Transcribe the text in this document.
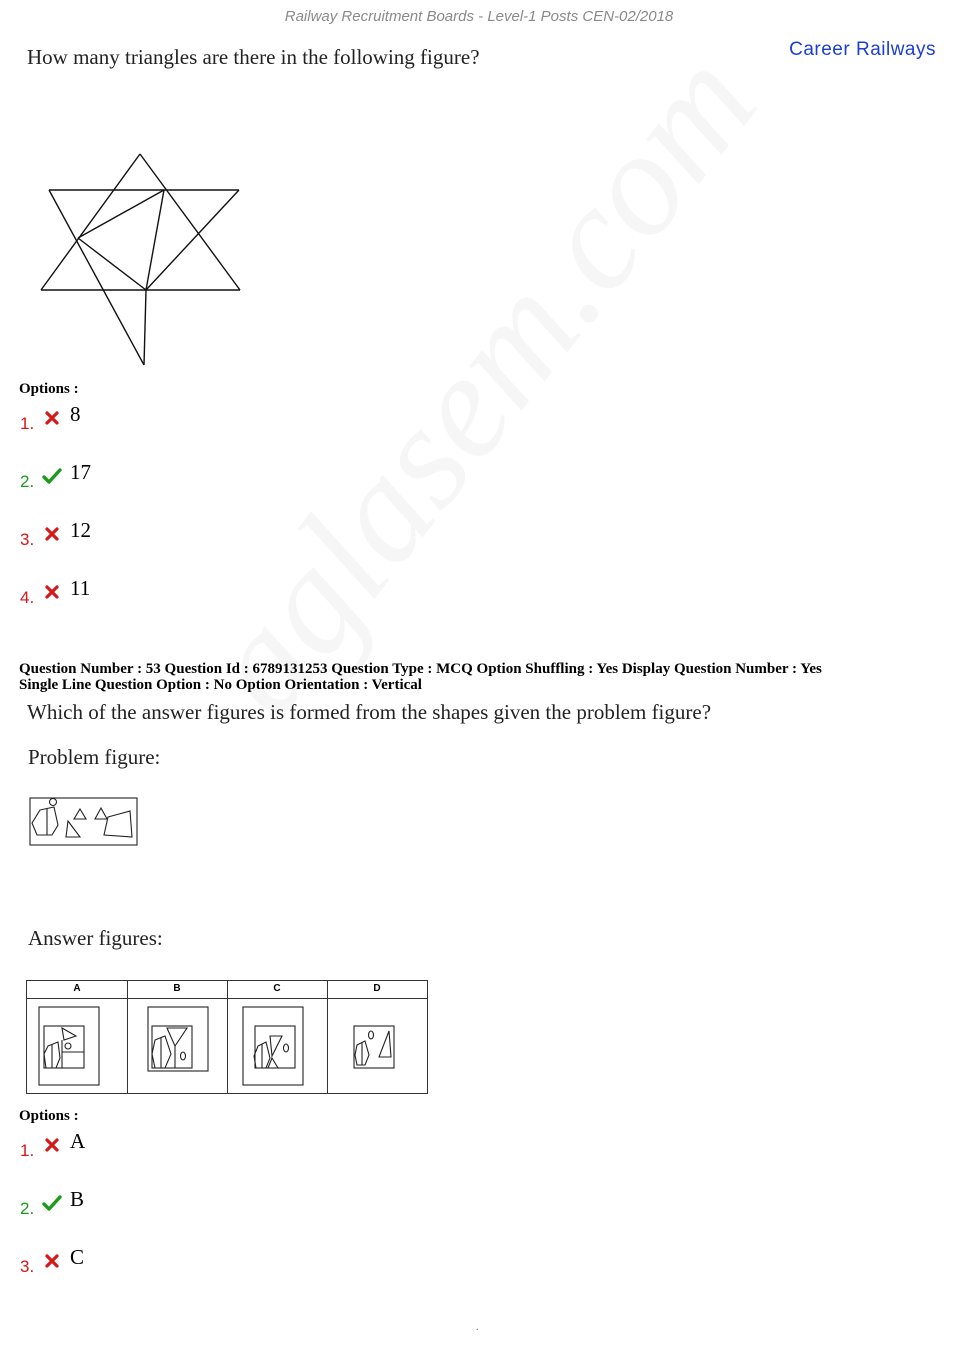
Railway Recruitment Boards - Level-1 Posts CEN-02/2018
Career Railways
How many triangles are there in the following figure?
Options :
1. 8
2. 17
3. 12
4. 11
Question Number : 53 Question Id : 6789131253 Question Type : MCQ Option Shuffling : Yes Display Question Number : Yes
Single Line Question Option : No Option Orientation : Vertical
Which of the answer figures is formed from the shapes given the problem figure?
Problem figure:
Answer figures:
A	B	C	D
Options :
1. A
2. B
3. C
.
